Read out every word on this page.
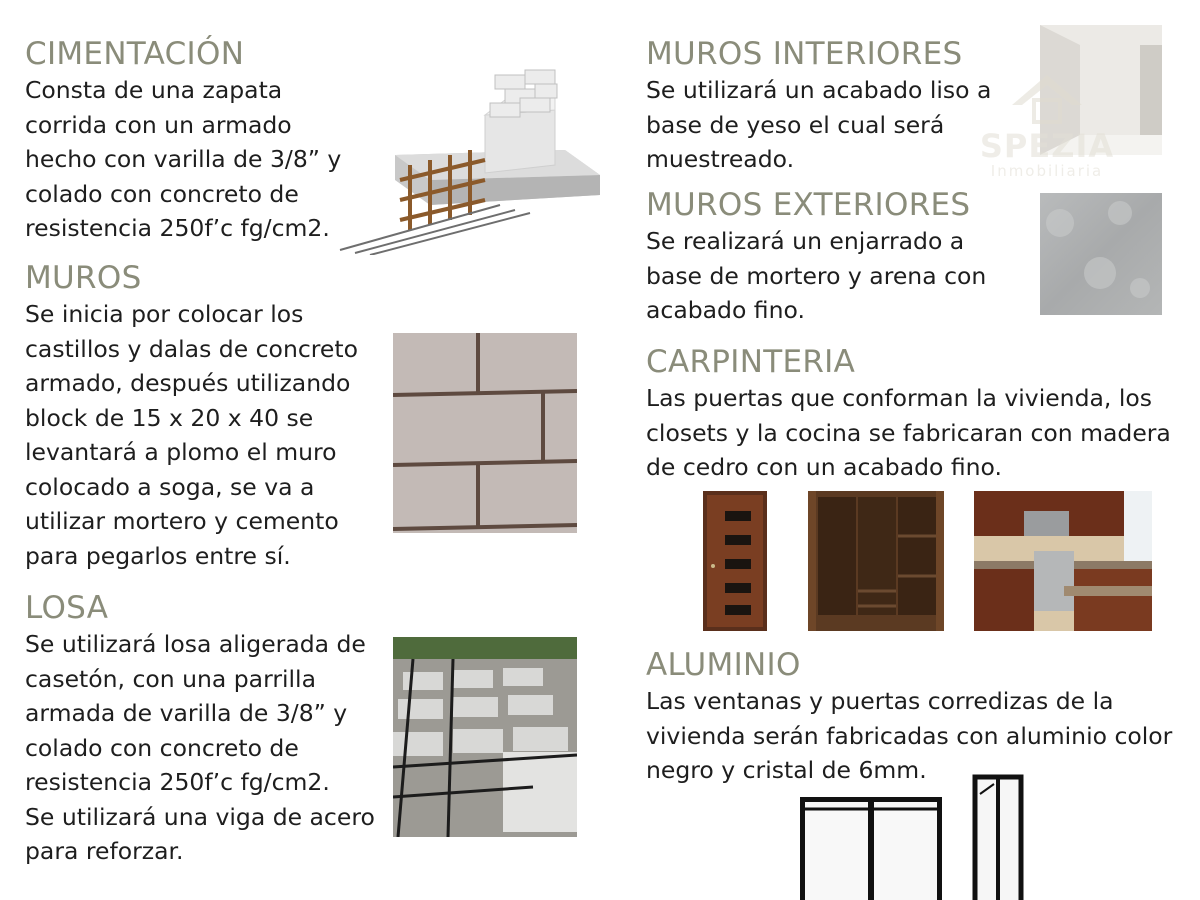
CIMENTACIÓN
Consta de una zapata
corrida con un armado
hecho con varilla de 3/8” y
colado con concreto de
resistencia 250f’c fg/cm2.
MUROS
Se inicia por colocar los
castillos y dalas de concreto
armado, después utilizando
block de 15 x 20 x 40 se
levantará a plomo el muro
colocado a soga, se va a
utilizar mortero y cemento
para pegarlos entre sí.
LOSA
Se utilizará losa aligerada de
casetón, con una parrilla
armada de varilla de 3/8” y
colado con concreto de
resistencia 250f’c fg/cm2.
Se utilizará una viga de acero
para reforzar.
MUROS INTERIORES
Se utilizará un acabado liso a
base de yeso el cual será
muestreado.
MUROS EXTERIORES
Se realizará un enjarrado a
base de mortero y arena con
acabado fino.
CARPINTERIA
Las puertas que conforman la vivienda, los
closets y la cocina se fabricaran con madera
de cedro con un acabado fino.
ALUMINIO
Las ventanas y puertas corredizas de la
vivienda serán fabricadas con aluminio color
negro y cristal de 6mm.
SPEZIA
Inmobiliaria
